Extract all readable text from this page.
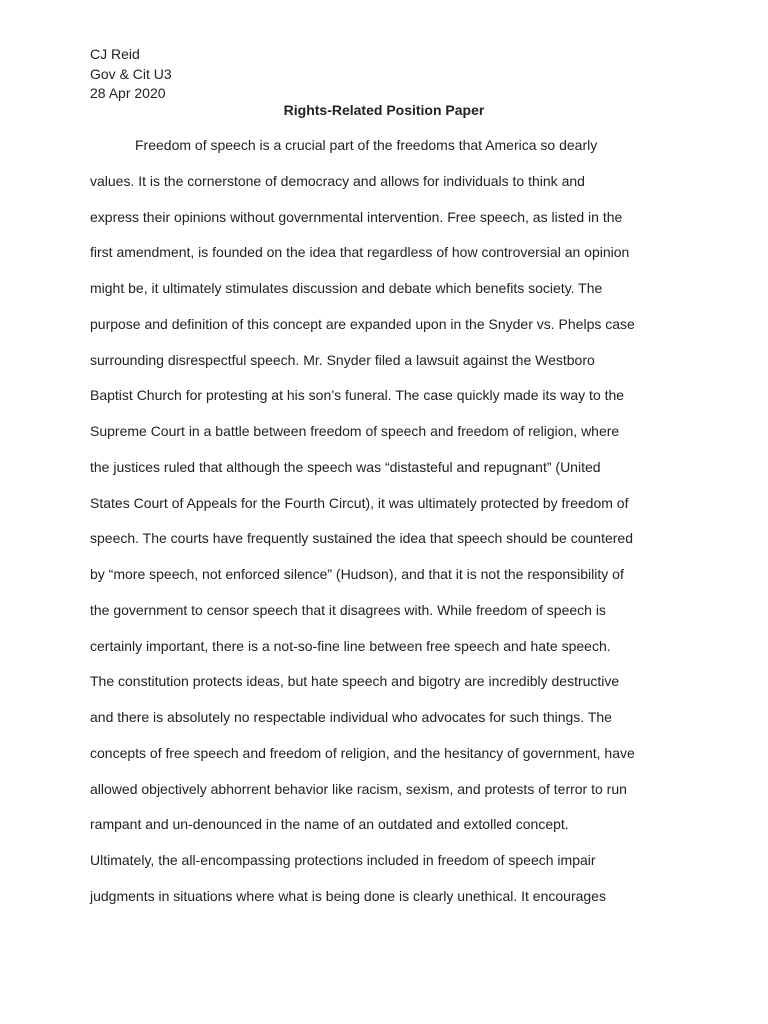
CJ Reid
Gov & Cit U3
28 Apr 2020
Rights-Related Position Paper
Freedom of speech is a crucial part of the freedoms that America so dearly
values. It is the cornerstone of democracy and allows for individuals to think and
express their opinions without governmental intervention. Free speech, as listed in the
first amendment, is founded on the idea that regardless of how controversial an opinion
might be, it ultimately stimulates discussion and debate which benefits society. The
purpose and definition of this concept are expanded upon in the Snyder vs. Phelps case
surrounding disrespectful speech. Mr. Snyder filed a lawsuit against the Westboro
Baptist Church for protesting at his son’s funeral. The case quickly made its way to the
Supreme Court in a battle between freedom of speech and freedom of religion, where
the justices ruled that although the speech was “distasteful and repugnant” (United
States Court of Appeals for the Fourth Circut), it was ultimately protected by freedom of
speech. The courts have frequently sustained the idea that speech should be countered
by “more speech, not enforced silence” (Hudson), and that it is not the responsibility of
the government to censor speech that it disagrees with. While freedom of speech is
certainly important, there is a not-so-fine line between free speech and hate speech.
The constitution protects ideas, but hate speech and bigotry are incredibly destructive
and there is absolutely no respectable individual who advocates for such things. The
concepts of free speech and freedom of religion, and the hesitancy of government, have
allowed objectively abhorrent behavior like racism, sexism, and protests of terror to run
rampant and un-denounced in the name of an outdated and extolled concept.
Ultimately, the all-encompassing protections included in freedom of speech impair
judgments in situations where what is being done is clearly unethical. It encourages
